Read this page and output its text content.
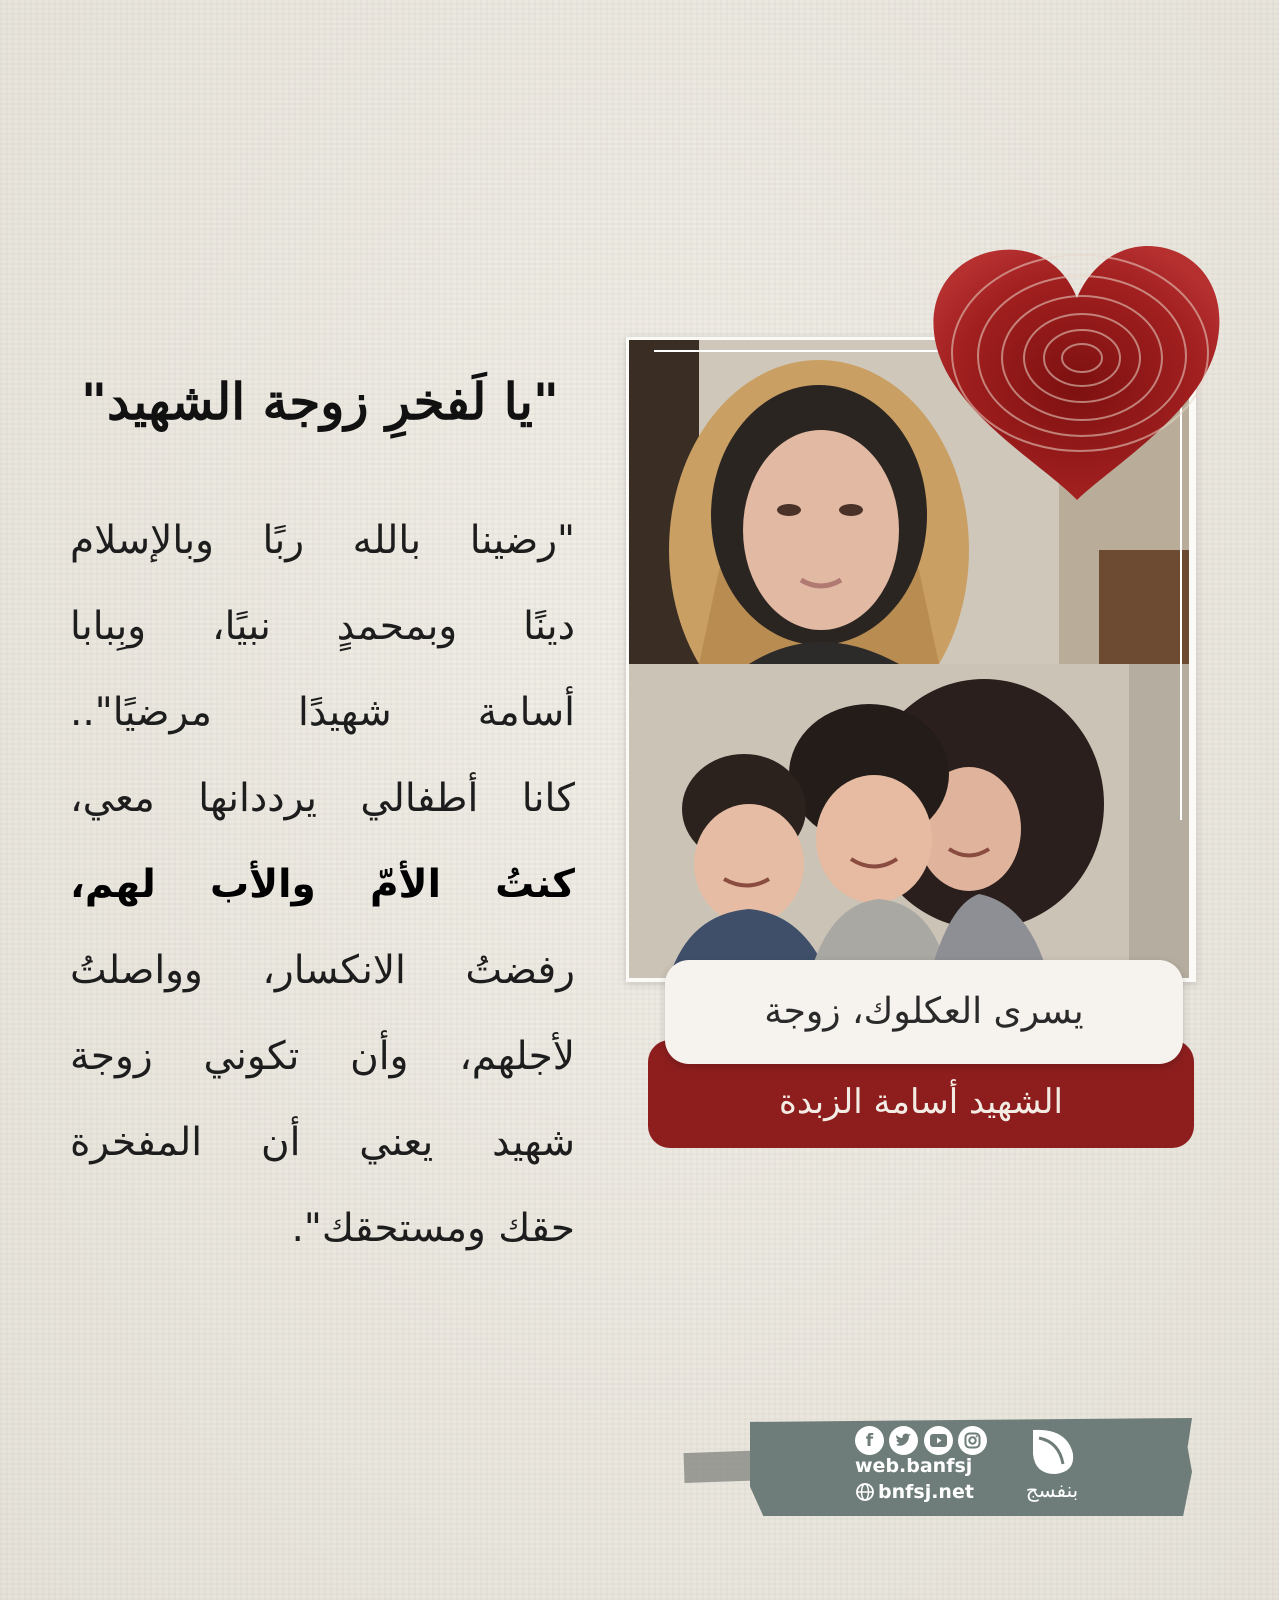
"يا لَفخرِ زوجة الشهيد"
"رضينا بالله ربًا وبالإسلام
دينًا وبمحمدٍ نبيًا، وبِبابا
أسامة شهيدًا مرضيًا"..
كانا أطفالي يرددانها معي،
كنتُ الأمّ والأب لهم،
رفضتُ الانكسار، وواصلتُ
لأجلهم، وأن تكوني زوجة
شهيد يعني أن المفخرة
حقك ومستحقك".
الشهيد أسامة الزبدة
يسرى العكلوك، زوجة
f
web.banfsj
bnfsj.net	بنفسج
